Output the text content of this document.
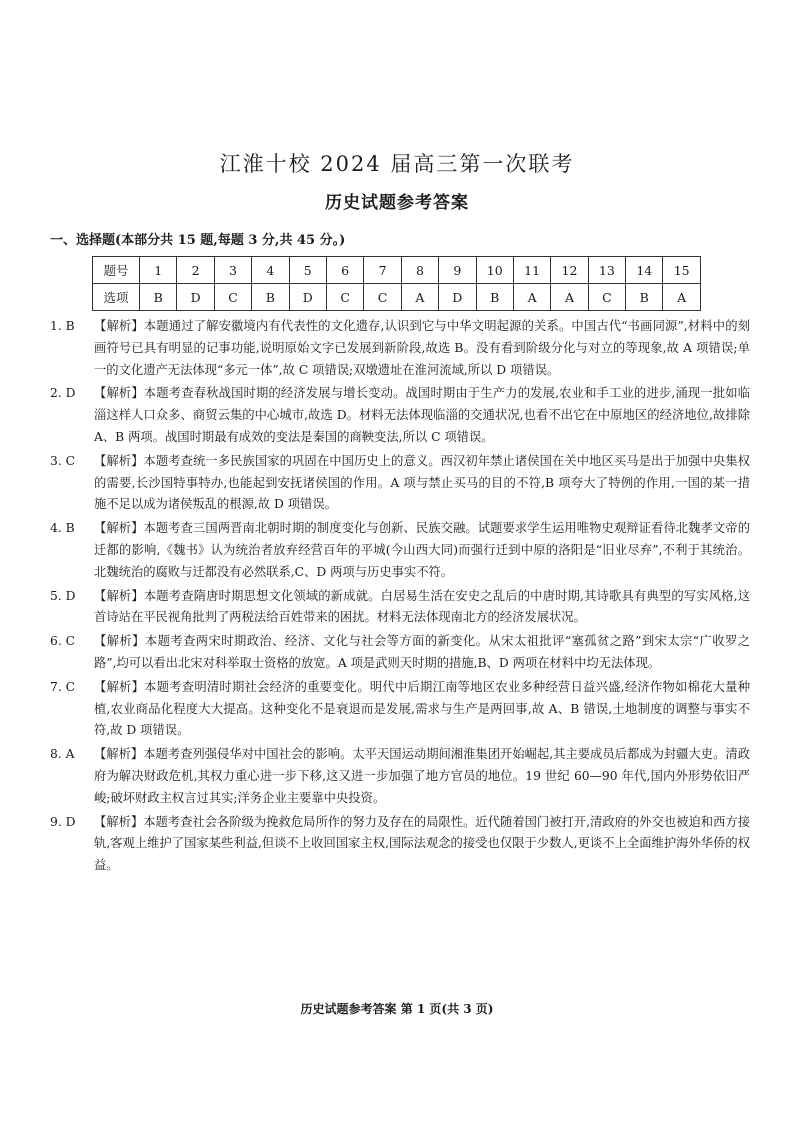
江淮十校 2024 届高三第一次联考
历史试题参考答案
一、选择题(本部分共 15 题,每题 3 分,共 45 分。)
题号	1	2	3	4	5	6	7	8	9	10	11	12	13	14	15
选项	B	D	C	B	D	C	C	A	D	B	A	A	C	B	A
1. B	【解析】本题通过了解安徽境内有代表性的文化遗存,认识到它与中华文明起源的关系。中国古代“书画同源”,材料中的刻画符号已具有明显的记事功能,说明原始文字已发展到新阶段,故选 B。没有看到阶级分化与对立的等现象,故 A 项错误;单一的文化遗产无法体现“多元一体”,故 C 项错误;双墩遗址在淮河流域,所以 D 项错误。
2. D	【解析】本题考查春秋战国时期的经济发展与增长变动。战国时期由于生产力的发展,农业和手工业的进步,涌现一批如临淄这样人口众多、商贸云集的中心城市,故选 D。材料无法体现临淄的交通状况,也看不出它在中原地区的经济地位,故排除 A、B 两项。战国时期最有成效的变法是秦国的商鞅变法,所以 C 项错误。
3. C	【解析】本题考查统一多民族国家的巩固在中国历史上的意义。西汉初年禁止诸侯国在关中地区买马是出于加强中央集权的需要,长沙国特事特办,也能起到安抚诸侯国的作用。A 项与禁止买马的目的不符,B 项夸大了特例的作用,一国的某一措施不足以成为诸侯叛乱的根源,故 D 项错误。
4. B	【解析】本题考查三国两晋南北朝时期的制度变化与创新、民族交融。试题要求学生运用唯物史观辩证看待北魏孝文帝的迁都的影响,《魏书》认为统治者放弃经营百年的平城(今山西大同)而强行迁到中原的洛阳是“旧业尽弃”,不利于其统治。北魏统治的腐败与迁都没有必然联系,C、D 两项与历史事实不符。
5. D	【解析】本题考查隋唐时期思想文化领域的新成就。白居易生活在安史之乱后的中唐时期,其诗歌具有典型的写实风格,这首诗站在平民视角批判了两税法给百姓带来的困扰。材料无法体现南北方的经济发展状况。
6. C	【解析】本题考查两宋时期政治、经济、文化与社会等方面的新变化。从宋太祖批评“塞孤贫之路”到宋太宗“广收罗之路”,均可以看出北宋对科举取士资格的放宽。A 项是武则天时期的措施,B、D 两项在材料中均无法体现。
7. C	【解析】本题考查明清时期社会经济的重要变化。明代中后期江南等地区农业多种经营日益兴盛,经济作物如棉花大量种植,农业商品化程度大大提高。这种变化不是衰退而是发展,需求与生产是两回事,故 A、B 错误,土地制度的调整与事实不符,故 D 项错误。
8. A	【解析】本题考查列强侵华对中国社会的影响。太平天国运动期间湘淮集团开始崛起,其主要成员后都成为封疆大吏。清政府为解决财政危机,其权力重心进一步下移,这又进一步加强了地方官员的地位。19 世纪 60—90 年代,国内外形势依旧严峻;破坏财政主权言过其实;洋务企业主要靠中央投资。
9. D	【解析】本题考查社会各阶级为挽救危局所作的努力及存在的局限性。近代随着国门被打开,清政府的外交也被迫和西方接轨,客观上维护了国家某些利益,但谈不上收回国家主权,国际法观念的接受也仅限于少数人,更谈不上全面维护海外华侨的权益。
历史试题参考答案 第 1 页(共 3 页)
